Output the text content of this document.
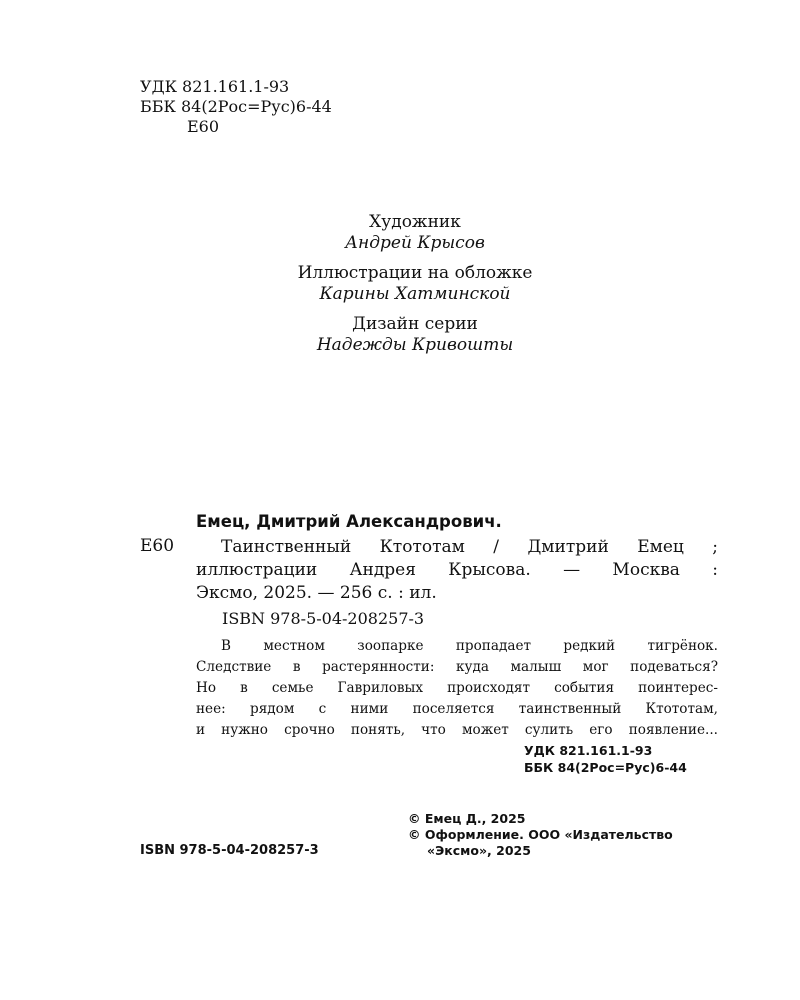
УДК 821.161.1-93
ББК 84(2Рос=Рус)6-44
Е60
Художник
Андрей Крысов
Иллюстрации на обложке
Карины Хатминской
Дизайн серии
Надежды Кривошты
Емец, Дмитрий Александрович.
Е60	Таинственный Ктототам / Дмитрий Емец ;
иллюстрации Андрея Крысова. — Москва :
Эксмо, 2025. — 256 с. : ил.
ISBN 978-5-04-208257-3
В местном зоопарке пропадает редкий тигрёнок.
Следствие в растерянности: куда малыш мог подеваться?
Но в семье Гавриловых происходят события поинтерес-
нее: рядом с ними поселяется таинственный Ктототам,
и нужно срочно понять, что может сулить его появление...
УДК 821.161.1-93
ББК 84(2Рос=Рус)6-44
ISBN 978-5-04-208257-3
© Емец Д., 2025
© Оформление. ООО «Издательство
«Эксмо», 2025
